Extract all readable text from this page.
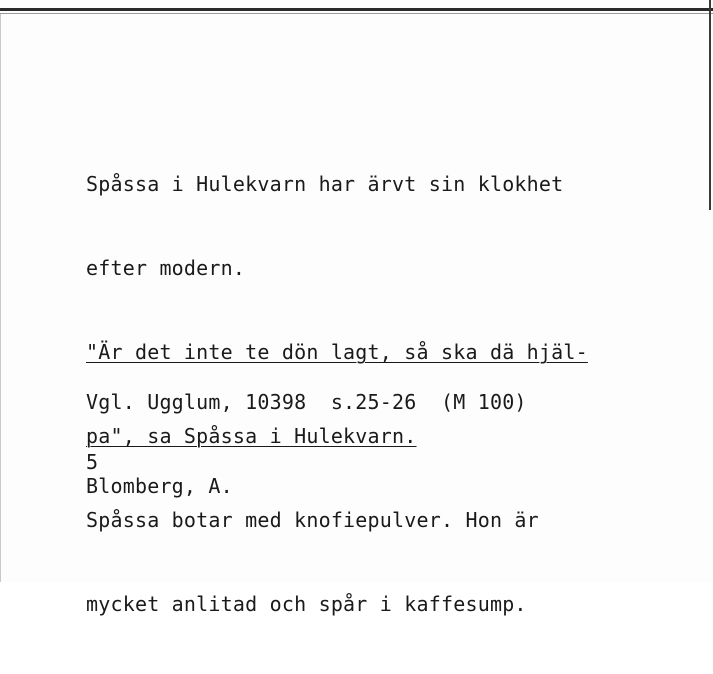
Spåssa i Hulekvarn har ärvt sin klokhet

efter modern.

"Är det inte te dön lagt, så ska dä hjäl-

pa", sa Spåssa i Hulekvarn.

Spåssa botar med knofiepulver. Hon är

mycket anlitad och spår i kaffesump.

Vgl. Ugglum, 10398  s.25-26  (M 100)

Blomberg, A.

5
